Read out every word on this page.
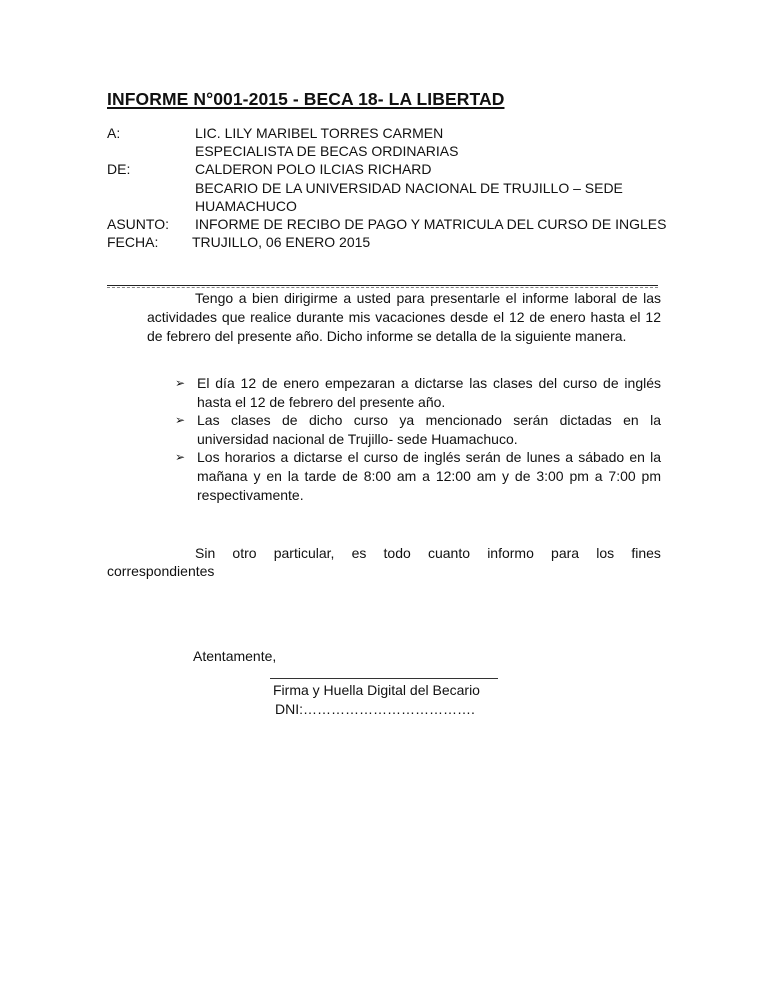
INFORME N°001-2015 - BECA 18- LA LIBERTAD
A:	LIC. LILY MARIBEL TORRES CARMEN
ESPECIALISTA DE BECAS ORDINARIAS
DE:	CALDERON POLO ILCIAS RICHARD
BECARIO DE LA UNIVERSIDAD NACIONAL DE TRUJILLO – SEDE HUAMACHUCO
ASUNTO:	INFORME DE RECIBO DE PAGO Y MATRICULA DEL CURSO DE INGLES
FECHA:	TRUJILLO, 06 ENERO 2015

Tengo a bien dirigirme a usted para presentarle el informe laboral de las actividades que realice durante mis vacaciones desde el 12 de enero hasta el 12 de febrero del presente año. Dicho informe se detalla de la siguiente manera.

➢ El día 12 de enero empezaran a dictarse las clases del curso de inglés hasta el 12 de febrero del presente año.
➢ Las clases de dicho curso ya mencionado serán dictadas en la universidad nacional de Trujillo- sede Huamachuco.
➢ Los horarios a dictarse el curso de inglés serán de lunes a sábado en la mañana y en la tarde de 8:00 am a 12:00 am y de 3:00 pm a 7:00 pm respectivamente.
Sin otro particular, es todo cuanto informo para los fines
correspondientes

Atentamente,

Firma y Huella Digital del Becario
DNI:……………………………….
